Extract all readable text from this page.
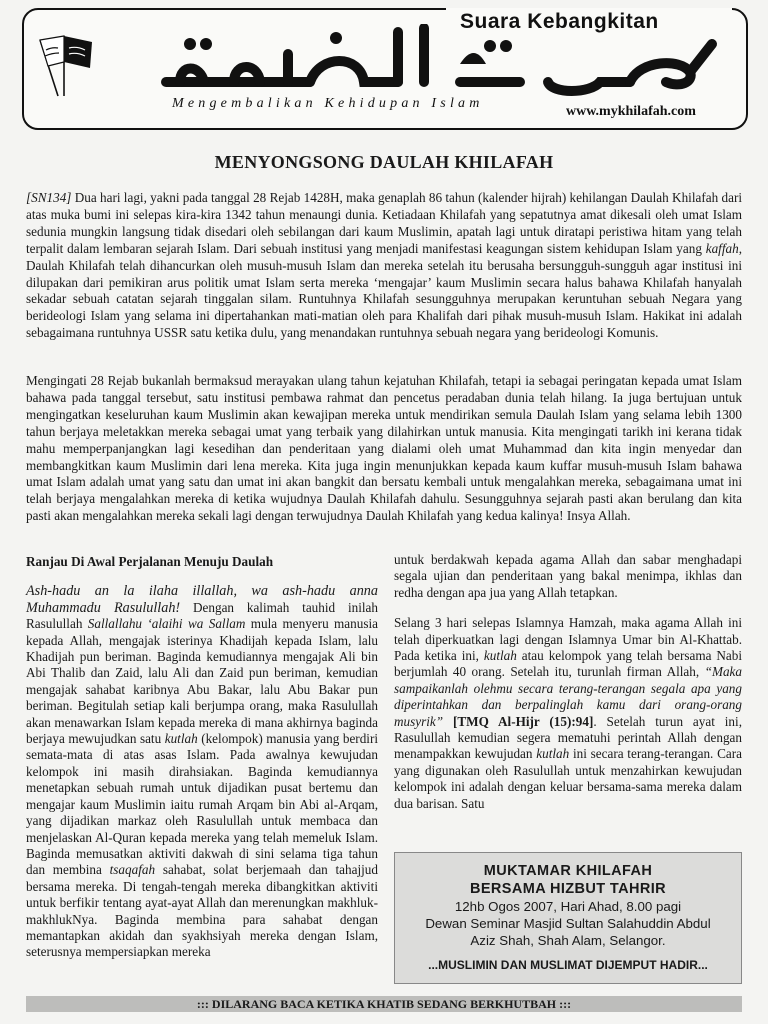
Suara Kebangkitan
Mengembalikan Kehidupan Islam
www.mykhilafah.com
MENYONGSONG DAULAH KHILAFAH

[SN134] Dua hari lagi, yakni pada tanggal 28 Rejab 1428H, maka genaplah 86 tahun (kalender hijrah) kehilangan Daulah Khilafah dari atas muka bumi ini selepas kira-kira 1342 tahun menaungi dunia. Ketiadaan Khilafah yang sepatutnya amat dikesali oleh umat Islam sedunia mungkin langsung tidak disedari oleh sebilangan dari kaum Muslimin, apatah lagi untuk diratapi peristiwa hitam yang telah terpalit dalam lembaran sejarah Islam. Dari sebuah institusi yang menjadi manifestasi keagungan sistem kehidupan Islam yang kaffah, Daulah Khilafah telah dihancurkan oleh musuh-musuh Islam dan mereka setelah itu berusaha bersungguh-sungguh agar institusi ini dilupakan dari pemikiran arus politik umat Islam serta mereka ‘mengajar’ kaum Muslimin secara halus bahawa Khilafah hanyalah sekadar sebuah catatan sejarah tinggalan silam. Runtuhnya Khilafah sesungguhnya merupakan keruntuhan sebuah Negara yang berideologi Islam yang selama ini dipertahankan mati-matian oleh para Khalifah dari pihak musuh-musuh Islam. Hakikat ini adalah sebagaimana runtuhnya USSR satu ketika dulu, yang menandakan runtuhnya sebuah negara yang berideologi Komunis.

Mengingati 28 Rejab bukanlah bermaksud merayakan ulang tahun kejatuhan Khilafah, tetapi ia sebagai peringatan kepada umat Islam bahawa pada tanggal tersebut, satu institusi pembawa rahmat dan pencetus peradaban dunia telah hilang. Ia juga bertujuan untuk mengingatkan keseluruhan kaum Muslimin akan kewajipan mereka untuk mendirikan semula Daulah Islam yang selama lebih 1300 tahun berjaya meletakkan mereka sebagai umat yang terbaik yang dilahirkan untuk manusia. Kita mengingati tarikh ini kerana tidak mahu memperpanjangkan lagi kesedihan dan penderitaan yang dialami oleh umat Muhammad dan kita ingin menyedar dan membangkitkan kaum Muslimin dari lena mereka. Kita juga ingin menunjukkan kepada kaum kuffar musuh-musuh Islam bahawa umat Islam adalah umat yang satu dan umat ini akan bangkit dan bersatu kembali untuk mengalahkan mereka, sebagaimana umat ini telah berjaya mengalahkan mereka di ketika wujudnya Daulah Khilafah dahulu. Sesungguhnya sejarah pasti akan berulang dan kita pasti akan mengalahkan mereka sekali lagi dengan terwujudnya Daulah Khilafah yang kedua kalinya! Insya Allah.

Ranjau Di Awal Perjalanan Menuju Daulah

Ash-hadu an la ilaha illallah, wa ash-hadu anna Muhammadu Rasulullah! Dengan kalimah tauhid inilah Rasulullah Sallallahu ‘alaihi wa Sallam mula menyeru manusia kepada Allah, mengajak isterinya Khadijah kepada Islam, lalu Khadijah pun beriman. Baginda kemudiannya mengajak Ali bin Abi Thalib dan Zaid, lalu Ali dan Zaid pun beriman, kemudian mengajak sahabat karibnya Abu Bakar, lalu Abu Bakar pun beriman. Begitulah setiap kali berjumpa orang, maka Rasulullah akan menawarkan Islam kepada mereka di mana akhirnya baginda berjaya mewujudkan satu kutlah (kelompok) manusia yang berdiri semata-mata di atas asas Islam. Pada awalnya kewujudan kelompok ini masih dirahsiakan. Baginda kemudiannya menetapkan sebuah rumah untuk dijadikan pusat bertemu dan mengajar kaum Muslimin iaitu rumah Arqam bin Abi al-Arqam, yang dijadikan markaz oleh Rasulullah untuk membaca dan menjelaskan Al-Quran kepada mereka yang telah memeluk Islam. Baginda memusatkan aktiviti dakwah di sini selama tiga tahun dan membina tsaqafah sahabat, solat berjemaah dan tahajjud bersama mereka. Di tengah-tengah mereka dibangkitkan aktiviti untuk berfikir tentang ayat-ayat Allah dan merenungkan makhluk-makhlukNya. Baginda membina para sahabat dengan memantapkan akidah dan syakhsiyah mereka dengan Islam, seterusnya mempersiapkan mereka

untuk berdakwah kepada agama Allah dan sabar menghadapi segala ujian dan penderitaan yang bakal menimpa, ikhlas dan redha dengan apa jua yang Allah tetapkan.

Selang 3 hari selepas Islamnya Hamzah, maka agama Allah ini telah diperkuatkan lagi dengan Islamnya Umar bin Al-Khattab. Pada ketika ini, kutlah atau kelompok yang telah bersama Nabi berjumlah 40 orang. Setelah itu, turunlah firman Allah, “Maka sampaikanlah olehmu secara terang-terangan segala apa yang diperintahkan dan berpalinglah kamu dari orang-orang musyrik” [TMQ Al-Hijr (15):94]. Setelah turun ayat ini, Rasulullah kemudian segera mematuhi perintah Allah dengan menampakkan kewujudan kutlah ini secara terang-terangan. Cara yang digunakan oleh Rasulullah untuk menzahirkan kewujudan kelompok ini adalah dengan keluar bersama-sama mereka dalam dua barisan. Satu

MUKTAMAR KHILAFAH
BERSAMA HIZBUT TAHRIR
12hb Ogos 2007, Hari Ahad, 8.00 pagi
Dewan Seminar Masjid Sultan Salahuddin Abdul
Aziz Shah, Shah Alam, Selangor.
...MUSLIMIN DAN MUSLIMAT DIJEMPUT HADIR...
::: DILARANG BACA KETIKA KHATIB SEDANG BERKHUTBAH :::
